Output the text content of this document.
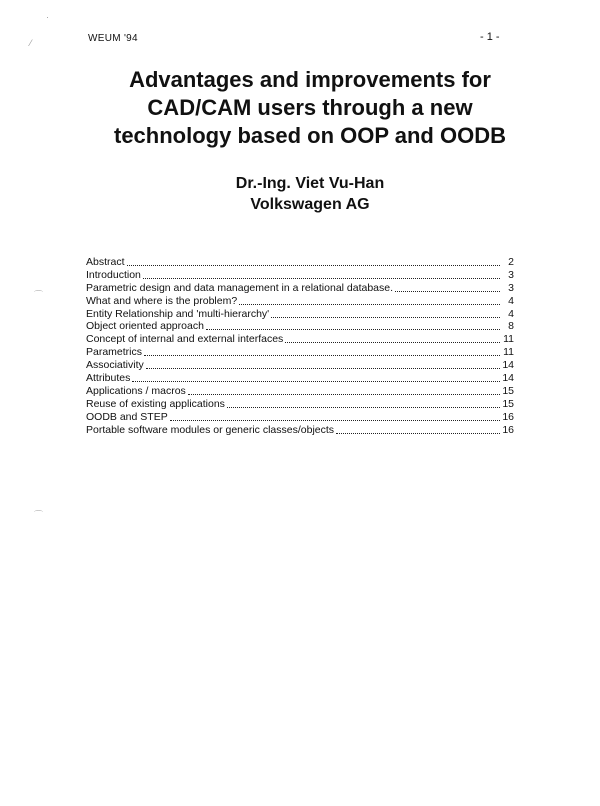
WEUM '94	- 1 -
⁄
·
⌒
⌒
Advantages and improvements for
CAD/CAM users through a new
technology based on OOP and OODB
Dr.-Ing. Viet Vu-Han
Volkswagen AG
Abstract	2
Introduction	3
Parametric design and data management in a relational database.	3
What and where is the problem?	4
Entity Relationship and 'multi-hierarchy'	4
Object oriented approach	8
Concept of internal and external interfaces	11
Parametrics	11
Associativity	14
Attributes	14
Applications / macros	15
Reuse of existing applications	15
OODB and STEP	16
Portable software modules or generic classes/objects	16
